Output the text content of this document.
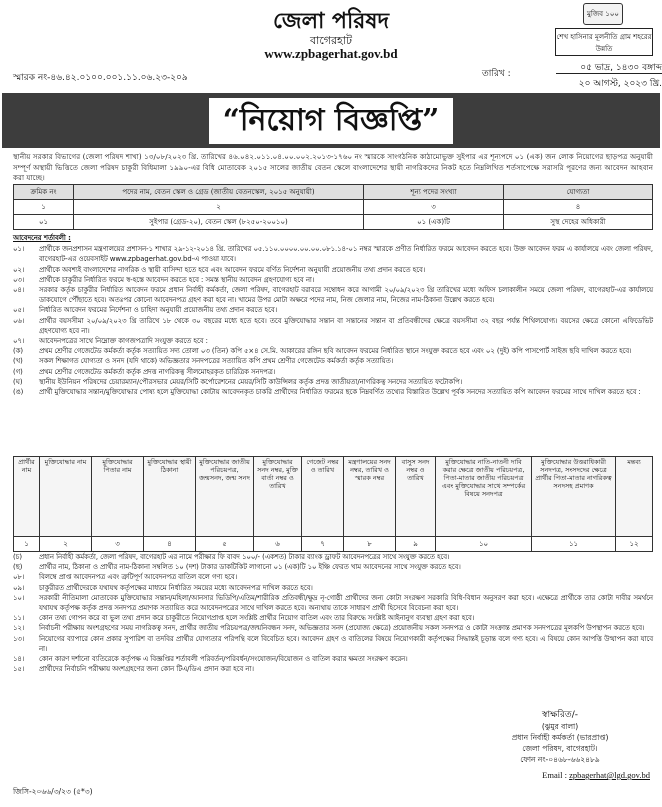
জেলা পরিষদ
বাগেরহাট
www.zpbagerhat.gov.bd
মুজিব ১০০
শেখ হাসিনার মূলনীতি গ্রাম শহরের উন্নতি
স্মারক নং-৪৬.৪২.০১০০.০০১.১১.০৬.২৩-২০৯	তারিখ :
০৫ ভাদ্র, ১৪৩০ বঙ্গাব্দ
২০ আগস্ট, ২০২৩ খ্রি.
“নিয়োগ বিজ্ঞপ্তি”
স্থানীয় সরকার বিভাগের (জেলা পরিষদ শাখা) ১৩/০৮/২০২৩ খ্রি. তারিখের ৪৬.০৪২.০১১.০৪.০০.০০২.২০১৩-১৭৬০ নং স্মারকে সাংগঠনিক কাঠামোভুক্ত সুইপার এর শূন্যপদে ০১ (এক) জন লোক নিয়োগের ছাড়পত্র অনুযায়ী সম্পূর্ণ অস্থায়ী ভিত্তিতে জেলা পরিষদ চাকুরী বিধিমালা ১৯৯০-এর বিধি মোতাবেক ২০১৫ সালের জাতীয় বেতন স্কেলে বাংলাদেশের স্থায়ী নাগরিকদের নিকট হতে নিম্নলিখিত শর্তসাপেক্ষে সরাসরি পূরণের জন্য আবেদন আহবান করা যাচ্ছে।
ক্রমিক নং	পদের নাম, বেতন স্কেল ও গ্রেড (জাতীয় বেতনস্কেল, ২০১৫ অনুযায়ী)	শূন্য পদের সংখ্যা	যোগ্যতা
১	২	৩	৪
০১	সুইপার (গ্রেড-২০), বেতন স্কেল (৮২৫০-২০০১০)	০১ (এক)টি	সুস্থ দেহের অধিকারী
আবেদনের শর্তাবলী :
০১।	প্রার্থীকে জনপ্রশাসন মন্ত্রণালয়ের প্রশাসন-১ শাখার ২৯-১২-২০১৪ খ্রি. তারিখের ০৫.১১০.০০০০.০০.০০.০৮১.১৪-০১ নম্বর স্মারকে প্রণীত নির্ধারিত ফরমে আবেদন করতে হবে। উক্ত আবেদন ফরম এ কার্যালয়ে এবং জেলা পরিষদ, বাগেরহাট-এর ওয়েবসাইট www.zpbagerhat.gov.bd-এ পাওয়া যাবে।
০২।	প্রার্থীকে অবশ্যই বাংলাদেশের নাগরিক ও স্থায়ী বাসিন্দা হতে হবে এবং আবেদন ফরমে বর্ণিত নির্দেশনা অনুযায়ী প্রয়োজনীয় তথ্য প্রদান করতে হবে।
০৩।	প্রার্থীকে চাকুরীর নির্ধারিত ফরমে স্ব-হস্তে আবেদন করতে হবে : সমস্ত স্থানীয় আবেদন গ্রহণযোগ্য হবে না।
০৪।	সরকার কর্তৃক চাকুরীর নির্ধারিত আবেদন ফরমে প্রধান নির্বাহী কর্মকর্তা, জেলা পরিষদ, বাগেরহাট বরাবরে সম্বোধন করে আগামী ২০/০৯/২০২৩ খ্রি তারিখের মধ্যে অফিস চলাকালীন সময়ে জেলা পরিষদ, বাগেরহাট-এর কার্যালয়ে ডাকযোগে পৌঁছাতে হবে। অতঃপর কোনো আবেদনপত্র গ্রহণ করা হবে না। খামের উপর মোটা অক্ষরে পদের নাম, নিজ জেলার নাম, নিজের নাম-ঠিকানা উল্লেখ করতে হবে।
০৫।	নির্ধারিত আবেদন ফরমের নির্দেশনা ও চাহিদা অনুযায়ী প্রয়োজনীয় তথ্য প্রদান করতে হবে।
০৬।	প্রার্থীর বয়সসীমা ২০/০৯/২০২৩ খ্রি তারিখে ১৮ থেকে ৩০ বছরের মধ্যে হতে হবে। তবে মুক্তিযোদ্ধার সন্তান বা সন্তানের সন্তান বা প্রতিবন্ধীদের ক্ষেত্রে বয়সসীমা ৩২ বছর পর্যন্ত শিথিলযোগ্য। বয়সের ক্ষেত্রে কোনো এফিডেভিট গ্রহণযোগ্য হবে না।
০৭।	আবেদনপত্রের সাথে নিম্নোক্ত কাগজপত্রাদি সংযুক্ত করতে হবে :
(ক)	প্রথম শ্রেণীর গেজেটেড কর্মকর্তা কর্তৃক সত্যায়িত সদ্য তোলা ০৩ (তিন) কপি ৫×৪ সে.মি. আকারের রঙ্গিন ছবি আবেদন ফরমের নির্ধারিত স্থানে সংযুক্ত করতে হবে এবং ০২ (দুই) কপি পাসপোর্ট সাইজ ছবি দাখিল করতে হবে।
(খ)	সকল শিক্ষাগত যোগ্যতা ও সনদ (যদি থাকে) অভিজ্ঞতার সনদপত্রের সত্যায়িত কপি প্রথম শ্রেণীর গেজেটেড কর্মকর্তা কর্তৃক সত্যায়িত।
(গ)	প্রথম শ্রেণীর গেজেটেড কর্মকর্তা কর্তৃক প্রদত্ত নাগরিকত্ব সীলমোহরকৃত চারিত্রিক সনদপত্র।
(ঘ)	স্থানীয় ইউনিয়ন পরিষদের চেয়ারম্যান/পৌরসভার মেয়র/সিটি কর্পোরেশনের মেয়র/সিটি কাউন্সিলর কর্তৃক প্রদত্ত জাতীয়তা/নাগরিকত্ব সনদের সত্যায়িত ফটোকপি।
(ঙ)	প্রার্থী মুক্তিযোদ্ধার সন্তান/মুক্তিযোদ্ধার পোষ্য হলে মুক্তিযোদ্ধা কোটায় আবেদনকৃত চাকরি প্রার্থীদের নির্ধারিত ফরমের ছকে নিম্নবর্ণিত তথ্যের বিস্তারিত উল্লেখ পূর্বক সনদের সত্যায়িত কপি আবেদন ফরমের সাথে দাখিল করতে হবে :
প্রার্থীর নাম	মুক্তিযোদ্ধার নাম	মুক্তিযোদ্ধার পিতার নাম	মুক্তিযোদ্ধার স্থায়ী ঠিকানা	মুক্তিযোদ্ধার জাতীয় পরিচয়পত্র, জন্মসনদ, জন্ম সনদ	মুক্তিযোদ্ধার সনদ নম্বর, মুক্তি বার্তা নম্বর ও তারিখ	গেজেট নম্বর ও তারিখ	মন্ত্রণালয়ের সনদ নম্বর, তারিখ ও স্মারক নম্বর	বাসুস সনদ নম্বর ও তারিখ	মুক্তিযোদ্ধার নাতি-নাতনী দাবি করার ক্ষেত্রে জাতীয় পরিচয়পত্র, পিতা-মাতার জাতীয় পরিচয়পত্র এবং মুক্তিযোদ্ধার সাথে সম্পর্কের বিষয়ে সনদপত্র	মুক্তিযোদ্ধার উত্তরাধিকারী সনদপত্র, সংসদদের ক্ষেত্রে প্রার্থীর পিতা-মাতার নাগরিকত্ব সনদসহ প্রমাণক	মন্তব্য
১	২	৩	৪	৫	৬	৭	৮	৯	১০	১১	১২
(চ)	প্রধান নির্বাহী কর্মকর্তা, জেলা পরিষদ, বাগেরহাট এর নামে পরীক্ষার ফি বাবদ ১০০/- (একশত) টাকার ব্যাংক ড্রাফট আবেদনপত্রের সাথে সংযুক্ত করতে হবে।
(ছ)	প্রার্থীর নাম, ঠিকানা ও প্রার্থীর নাম-ঠিকানা সম্বলিত ১০ (দশ) টাকার ডাকটিকিট লাগানো ০১ (এক)টি ১০ ইঞ্চি ফেরত খাম আবেদনের সাথে সংযুক্ত করতে হবে।
০৮।	বিলম্বে প্রাপ্ত আবেদনপত্র এবং ত্রুটিপূর্ণ আবেদনপত্র বাতিল বলে গণ্য হবে।
০৯।	চাকুরীরত প্রার্থীদেরকে যথাযথ কর্তৃপক্ষের মাধ্যমে নির্ধারিত সময়ের মধ্যে আবেদনপত্র দাখিল করতে হবে।
১০।	সরকারী নীতিমালা মোতাবেক মুক্তিযোদ্ধার সন্তান/মহিলা/আনসার ভিডিপি/এতিম/শারীরিক প্রতিবন্ধী/ক্ষুদ্র নৃ-গোষ্ঠী প্রার্থীদের জন্য কোটা সংরক্ষণ সরকারি বিধি-বিধান অনুসরণ করা হবে। এক্ষেত্রে প্রার্থীকে তার কোটা দাবীর সমর্থনে যথাযথ কর্তৃপক্ষ কর্তৃক প্রদত্ত সনদপত্র প্রমাণক সত্যায়িত করে আবেদনপত্রের সাথে দাখিল করতে হবে। অন্যথায় তাকে সাধারণ প্রার্থী হিসেবে বিবেচনা করা হবে।
১১।	কোন তথ্য গোপন করে বা ভুল তথ্য প্রদান করে চাকুরীতে নিয়োগপ্রাপ্ত হলে সংশ্লিষ্ট প্রার্থীর নিয়োগ বাতিল এবং তার বিরুদ্ধে সংশ্লিষ্ট আইনানুগ ব্যবস্থা গ্রহণ করা হবে।
১২।	নির্বাচনী পরীক্ষায় অংশগ্রহণের সময় নাগরিকত্ব সনদ, প্রার্থীর জাতীয় পরিচয়পত্র/জন্মনিবন্ধন সনদ, অভিজ্ঞতার সনদ (প্রযোজ্য ক্ষেত্রে) প্রয়োজনীয় সকল সনদপত্র ও কোটা সংক্রান্ত প্রমাণক সনদপত্রের মূলকপি উপস্থাপন করতে হবে।
১৩।	নিয়োগের ব্যাপারে কোন প্রকার সুপারিশ বা তদবির প্রার্থীর যোগ্যতার পরিপন্থি বলে বিবেচিত হবে। আবেদন গ্রহণ ও বাতিলের বিষয়ে নিয়োগকারী কর্তৃপক্ষের সিদ্ধান্তই চূড়ান্ত বলে গণ্য হবে। এ বিষয়ে কোন আপত্তি উত্থাপন করা যাবে না।
১৪।	কোন কারণ দর্শানো ব্যতিরেকে কর্তৃপক্ষ এ বিজ্ঞপ্তির শর্তাবলী পরিবর্তন/পরিবর্ধন/সংযোজন/বিয়োজন ও বাতিল করার ক্ষমতা সংরক্ষণ করেন।
১৫।	প্রার্থীদের নির্বাচনি পরীক্ষায় অংশগ্রহণের জন্য কোন টিএ/ডিএ প্রদান করা হবে না।
স্বাক্ষরিত/-
(ঝুমুর বালা)
প্রধান নির্বাহী কর্মকর্তা (ভারপ্রাপ্ত)
জেলা পরিষদ, বাগেরহাট।
ফোন নং-০৪৬৮-৬৬২৪৮৯
Email : zpbagerhat@lgd.gov.bd
জিসি-২০৬৬/৩/২৩ (৫*৩)
